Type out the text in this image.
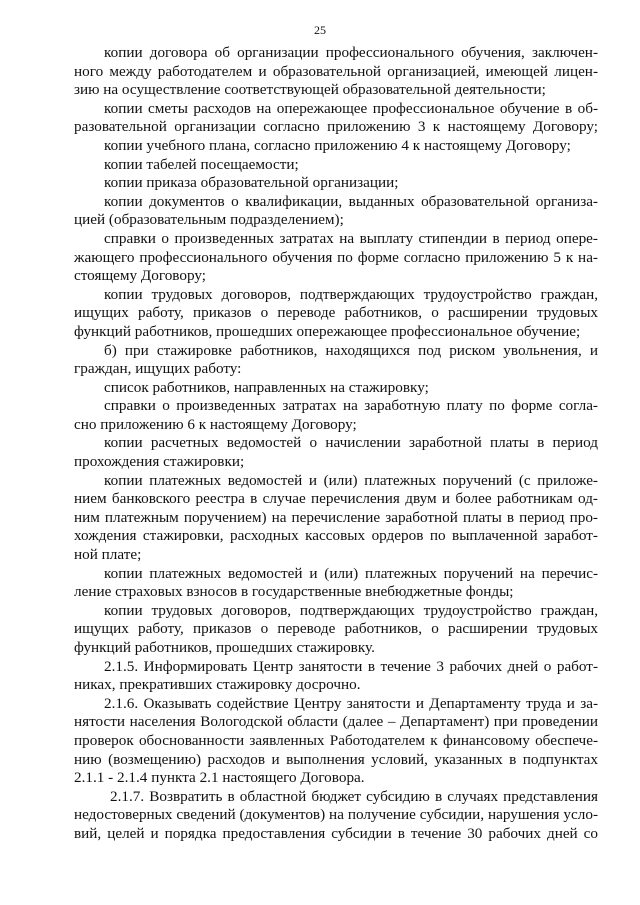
25
копии договора об организации профессионального обучения, заключен-
ного между работодателем и образовательной организацией, имеющей лицен-
зию на осуществление соответствующей образовательной деятельности;
копии сметы расходов на опережающее профессиональное обучение в об-
разовательной организации согласно приложению 3 к настоящему Договору;
копии учебного плана, согласно приложению 4 к настоящему Договору;
копии табелей посещаемости;
копии приказа образовательной организации;
копии документов о квалификации, выданных образовательной организа-
цией (образовательным подразделением);
справки о произведенных затратах на выплату стипендии в период опере-
жающего профессионального обучения по форме согласно приложению 5 к на-
стоящему Договору;
копии трудовых договоров, подтверждающих трудоустройство граждан,
ищущих работу, приказов о переводе работников, о расширении трудовых
функций работников, прошедших опережающее профессиональное обучение;
б) при стажировке работников, находящихся под риском увольнения, и
граждан, ищущих работу:
список работников, направленных на стажировку;
справки о произведенных затратах на заработную плату по форме согла-
сно приложению 6 к настоящему Договору;
копии расчетных ведомостей о начислении заработной платы в период
прохождения стажировки;
копии платежных ведомостей и (или) платежных поручений (с приложе-
нием банковского реестра в случае перечисления двум и более работникам од-
ним платежным поручением) на перечисление заработной платы в период про-
хождения стажировки, расходных кассовых ордеров по выплаченной заработ-
ной плате;
копии платежных ведомостей и (или) платежных поручений на перечис-
ление страховых взносов в государственные внебюджетные фонды;
копии трудовых договоров, подтверждающих трудоустройство граждан,
ищущих работу, приказов о переводе работников, о расширении трудовых
функций работников, прошедших стажировку.
2.1.5. Информировать Центр занятости в течение 3 рабочих дней о работ-
никах, прекративших стажировку досрочно.
2.1.6. Оказывать содействие Центру занятости и Департаменту труда и за-
нятости населения Вологодской области (далее – Департамент) при проведении
проверок обоснованности заявленных Работодателем к финансовому обеспече-
нию (возмещению) расходов и выполнения условий, указанных в подпунктах
2.1.1 - 2.1.4 пункта 2.1 настоящего Договора.
2.1.7. Возвратить в областной бюджет субсидию в случаях представления
недостоверных сведений (документов) на получение субсидии, нарушения усло-
вий, целей и порядка предоставления субсидии в течение 30 рабочих дней со
